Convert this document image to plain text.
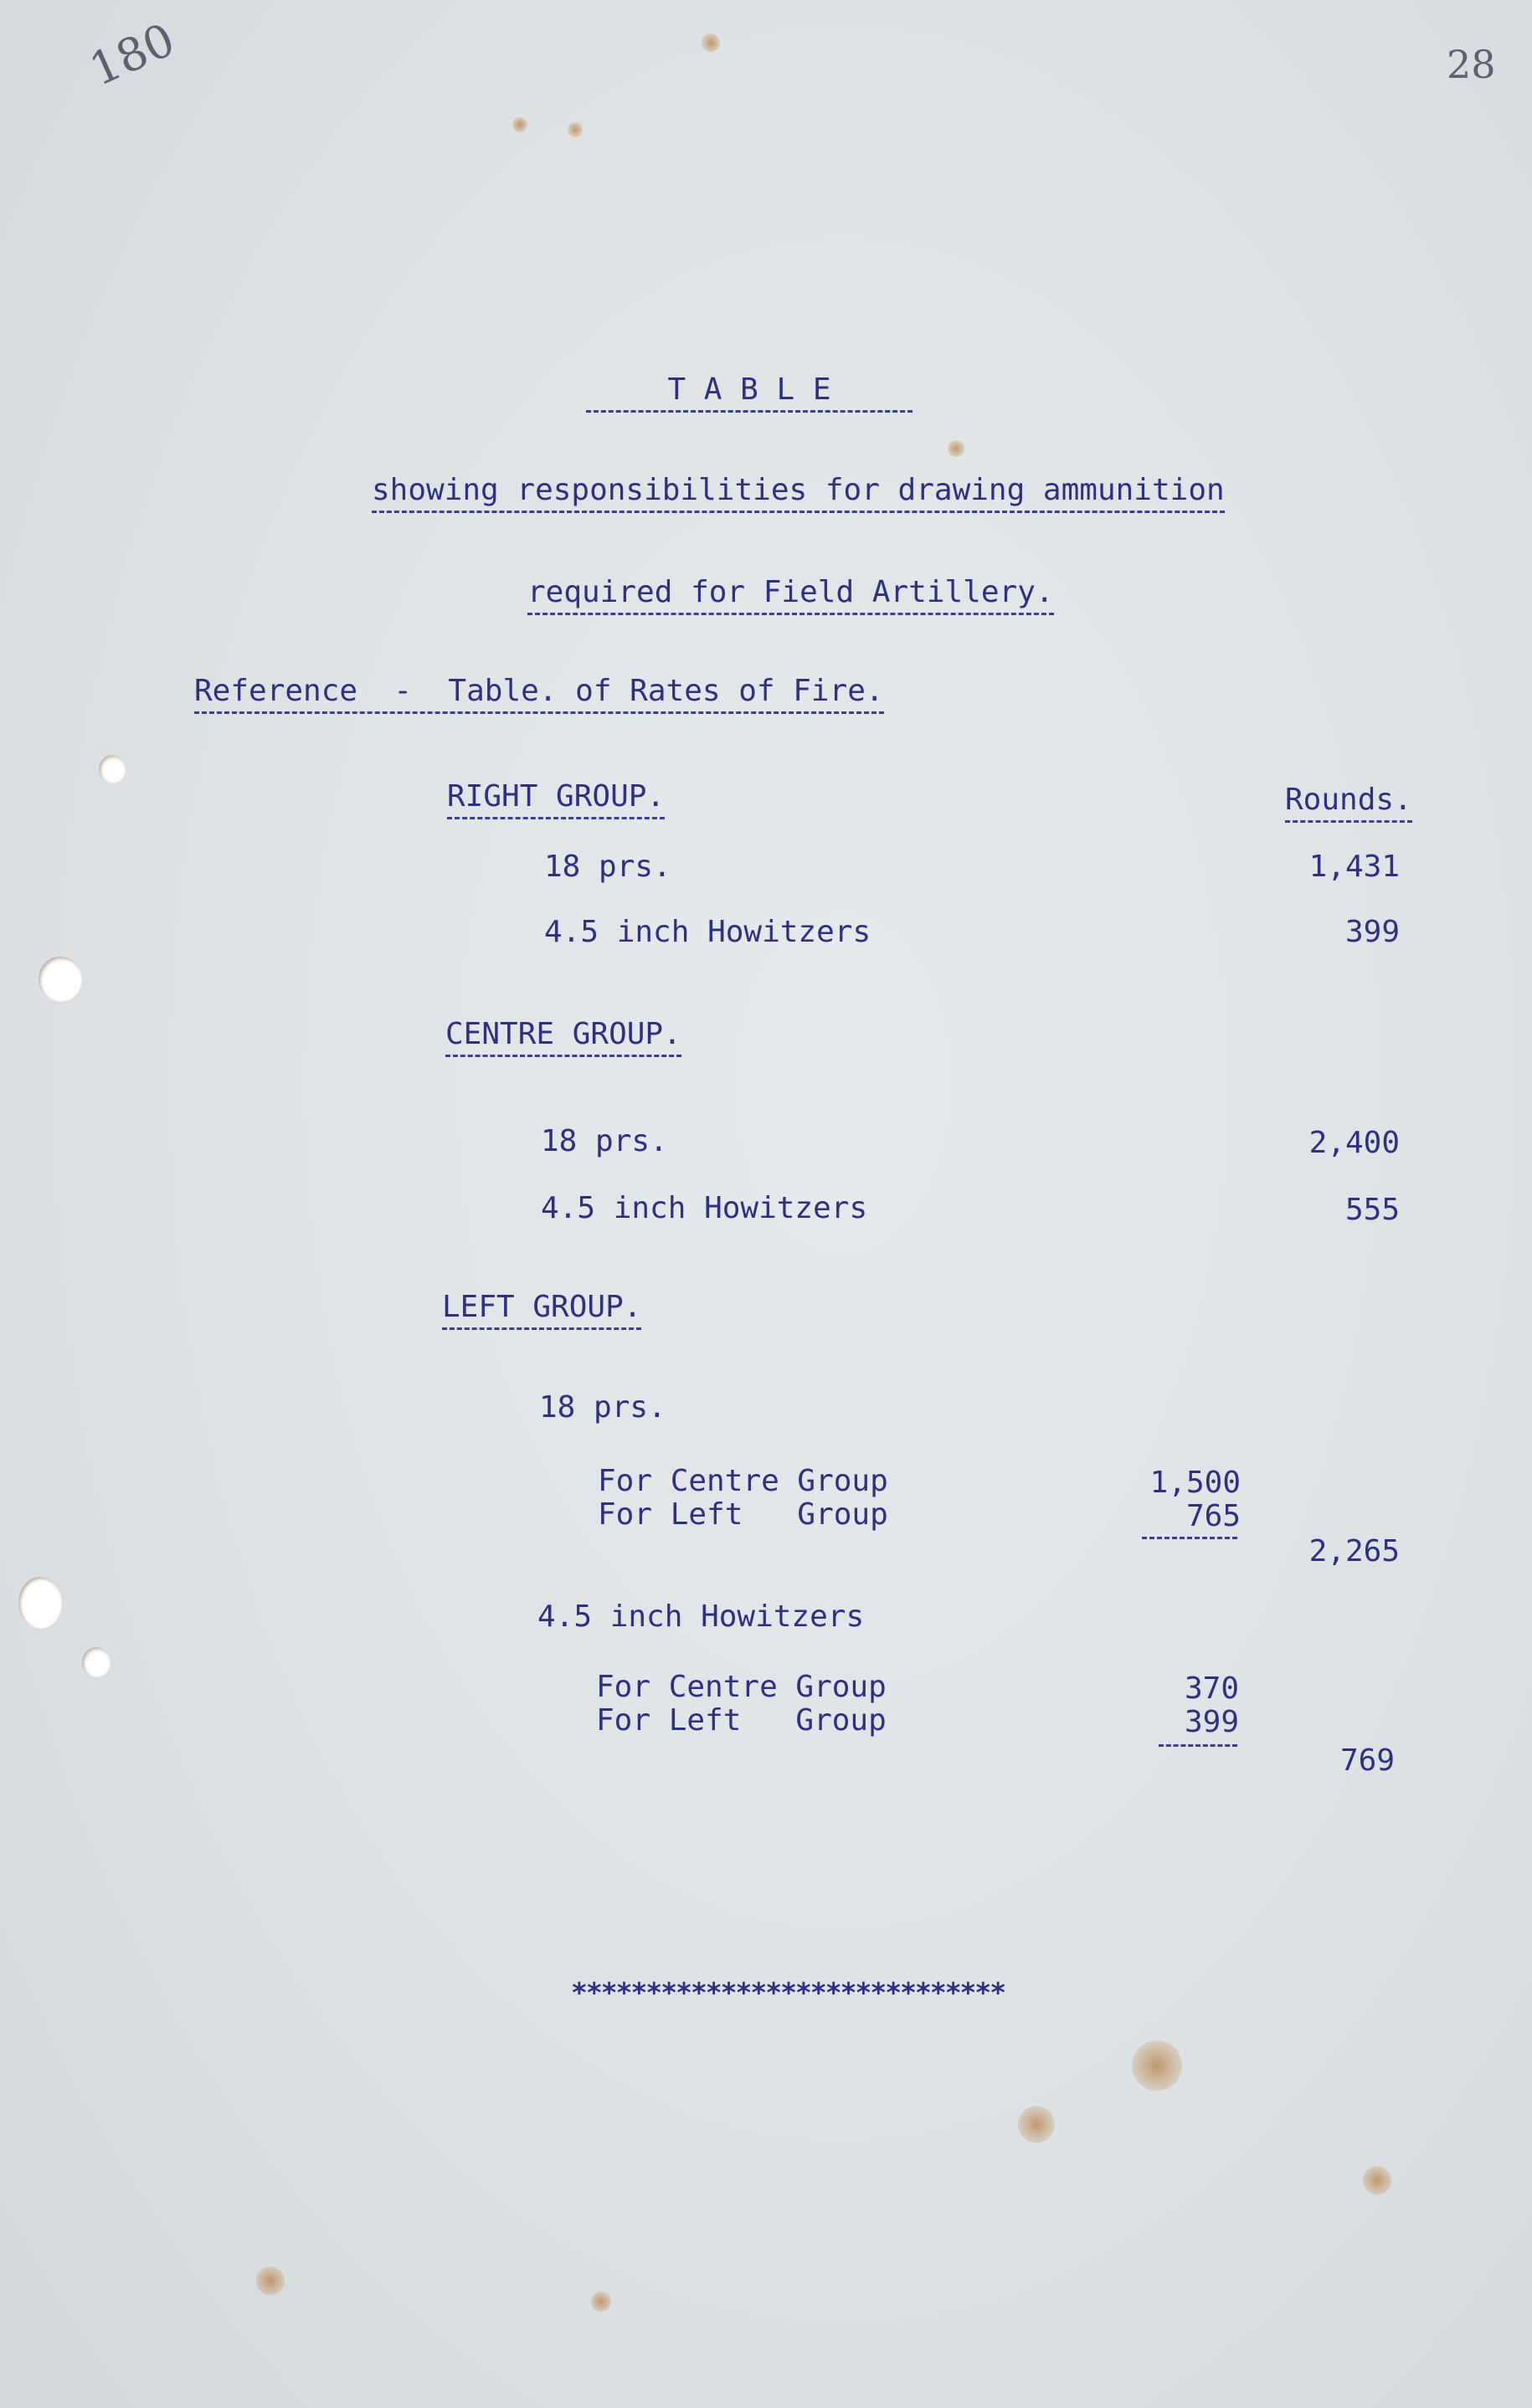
180	28
T A B L E
showing responsibilities for drawing ammunition
required for Field Artillery.
Reference  -  Table. of Rates of Fire.
Rounds.
RIGHT GROUP.
18 prs.	1,431
4.5 inch Howitzers	399
CENTRE GROUP.
18 prs.	2,400
4.5 inch Howitzers	555
LEFT GROUP.
18 prs.
For Centre Group	1,500
For Left   Group	765
2,265
4.5 inch Howitzers
For Centre Group	370
For Left   Group	399
769
*****************************
